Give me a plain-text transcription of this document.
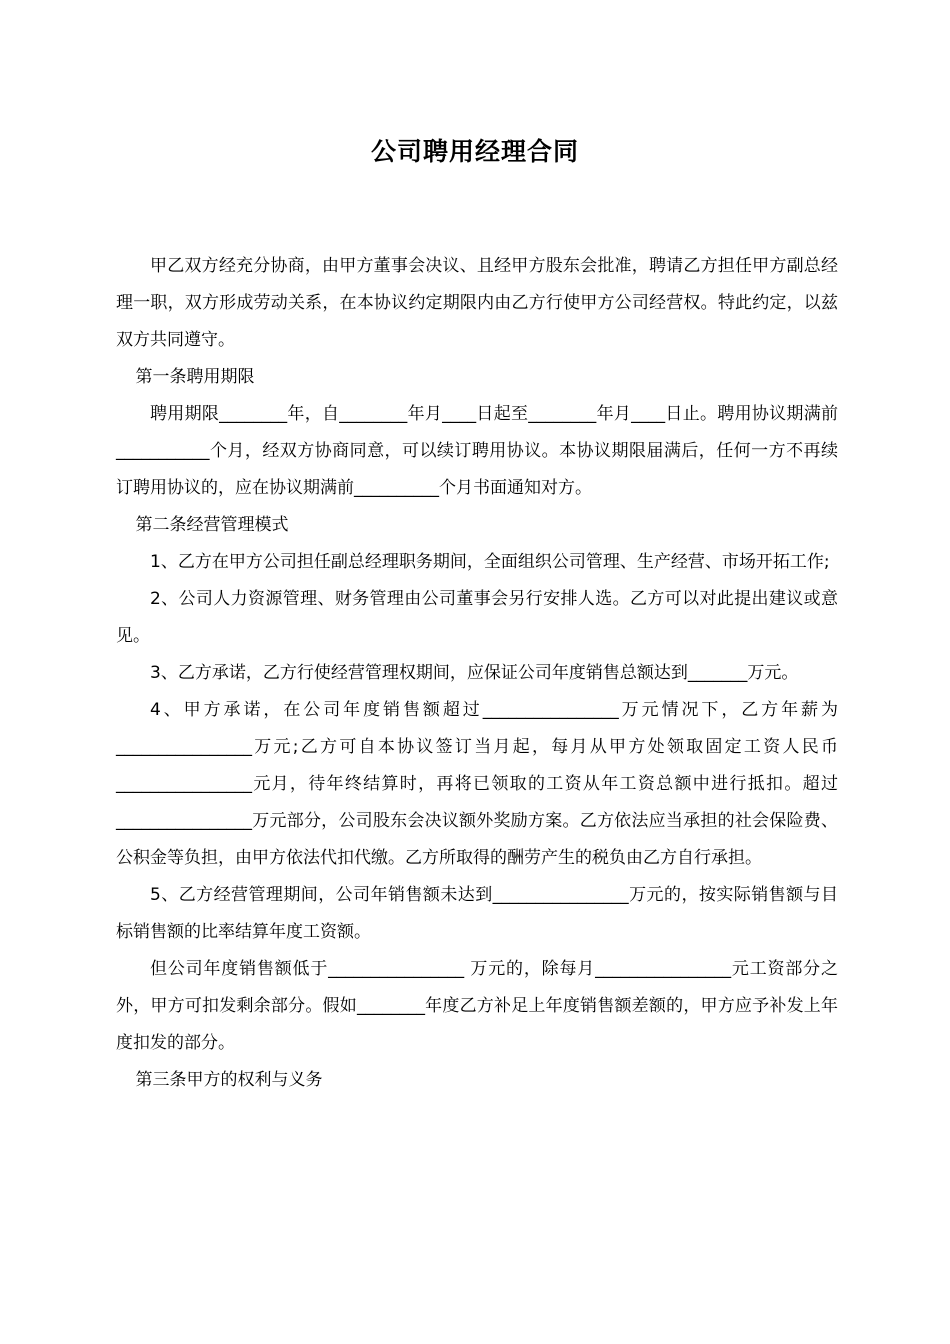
公司聘用经理合同

甲乙双方经充分协商，由甲方董事会决议、且经甲方股东会批准，聘请乙方担任甲方副总经理一职，双方形成劳动关系，在本协议约定期限内由乙方行使甲方公司经营权。特此约定，以兹双方共同遵守。

第一条聘用期限

聘用期限________年，自________年月____日起至________年月____日止。聘用协议期满前___________个月，经双方协商同意，可以续订聘用协议。本协议期限届满后，任何一方不再续订聘用协议的，应在协议期满前__________个月书面通知对方。

第二条经营管理模式

1、乙方在甲方公司担任副总经理职务期间，全面组织公司管理、生产经营、市场开拓工作;

2、公司人力资源管理、财务管理由公司董事会另行安排人选。乙方可以对此提出建议或意见。

3、乙方承诺，乙方行使经营管理权期间，应保证公司年度销售总额达到_______万元。

4、甲方承诺，在公司年度销售额超过________________万元情况下，乙方年薪为________________万元;乙方可自本协议签订当月起，每月从甲方处领取固定工资人民币________________元月，待年终结算时，再将已领取的工资从年工资总额中进行抵扣。超过________________万元部分，公司股东会决议额外奖励方案。乙方依法应当承担的社会保险费、公积金等负担，由甲方依法代扣代缴。乙方所取得的酬劳产生的税负由乙方自行承担。

5、乙方经营管理期间，公司年销售额未达到________________万元的，按实际销售额与目标销售额的比率结算年度工资额。

但公司年度销售额低于________________ 万元的，除每月________________元工资部分之外，甲方可扣发剩余部分。假如________年度乙方补足上年度销售额差额的，甲方应予补发上年度扣发的部分。

第三条甲方的权利与义务
